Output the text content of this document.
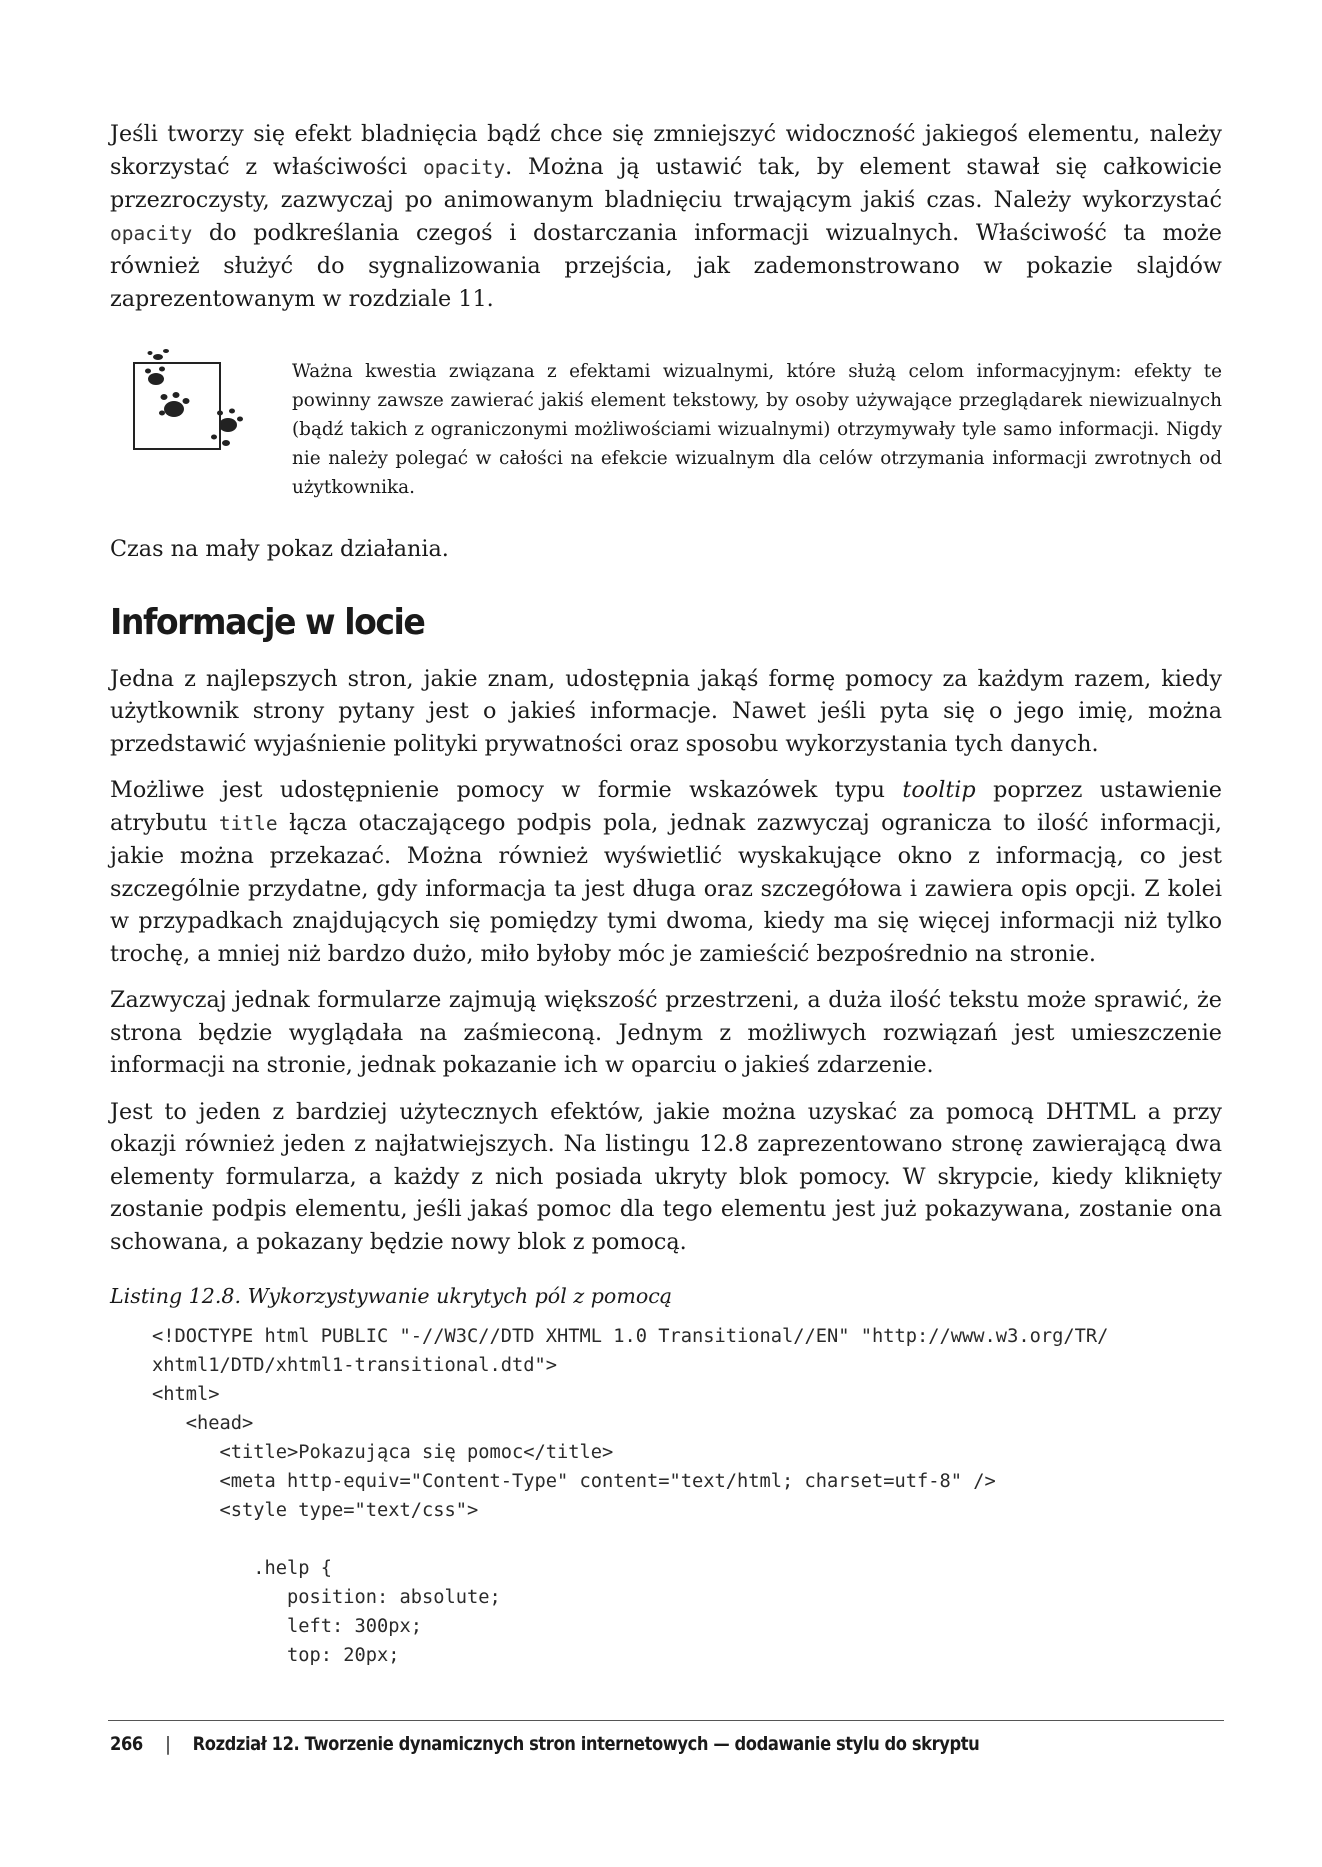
Jeśli tworzy się efekt bladnięcia bądź chce się zmniejszyć widoczność jakiegoś elementu, należy skorzystać z właściwości opacity. Można ją ustawić tak, by element stawał się całkowicie przezroczysty, zazwyczaj po animowanym bladnięciu trwającym jakiś czas. Należy wykorzystać opacity do podkreślania czegoś i dostarczania informacji wizualnych. Właściwość ta może również służyć do sygnalizowania przejścia, jak zademonstrowano w pokazie slajdów zaprezentowanym w rozdziale 11.

Ważna kwestia związana z efektami wizualnymi, które służą celom informacyjnym: efekty te powinny zawsze zawierać jakiś element tekstowy, by osoby używające przeglądarek niewizualnych (bądź takich z ograniczonymi możliwościami wizualnymi) otrzymywały tyle samo informacji. Nigdy nie należy polegać w całości na efekcie wizualnym dla celów otrzymania informacji zwrotnych od użytkownika.

Czas na mały pokaz działania.

Informacje w locie

Jedna z najlepszych stron, jakie znam, udostępnia jakąś formę pomocy za każdym razem, kiedy użytkownik strony pytany jest o jakieś informacje. Nawet jeśli pyta się o jego imię, można przedstawić wyjaśnienie polityki prywatności oraz sposobu wykorzystania tych danych.

Możliwe jest udostępnienie pomocy w formie wskazówek typu tooltip poprzez ustawienie atrybutu title łącza otaczającego podpis pola, jednak zazwyczaj ogranicza to ilość informacji, jakie można przekazać. Można również wyświetlić wyskakujące okno z informacją, co jest szczególnie przydatne, gdy informacja ta jest długa oraz szczegółowa i zawiera opis opcji. Z kolei w przypadkach znajdujących się pomiędzy tymi dwoma, kiedy ma się więcej informacji niż tylko trochę, a mniej niż bardzo dużo, miło byłoby móc je zamieścić bezpośrednio na stronie.

Zazwyczaj jednak formularze zajmują większość przestrzeni, a duża ilość tekstu może sprawić, że strona będzie wyglądała na zaśmieconą. Jednym z możliwych rozwiązań jest umieszczenie informacji na stronie, jednak pokazanie ich w oparciu o jakieś zdarzenie.

Jest to jeden z bardziej użytecznych efektów, jakie można uzyskać za pomocą DHTML a przy okazji również jeden z najłatwiejszych. Na listingu 12.8 zaprezentowano stronę zawierającą dwa elementy formularza, a każdy z nich posiada ukryty blok pomocy. W skrypcie, kiedy kliknięty zostanie podpis elementu, jeśli jakaś pomoc dla tego elementu jest już pokazywana, zostanie ona schowana, a pokazany będzie nowy blok z pomocą.

Listing 12.8. Wykorzystywanie ukrytych pól z pomocą
<!DOCTYPE html PUBLIC "-//W3C//DTD XHTML 1.0 Transitional//EN" "http://www.w3.org/TR/
xhtml1/DTD/xhtml1-transitional.dtd">
<html>
<head>
<title>Pokazująca się pomoc</title>
<meta http-equiv="Content-Type" content="text/html; charset=utf-8" />
<style type="text/css">

.help {
position: absolute;
left: 300px;
top: 20px;
266 | Rozdział 12. Tworzenie dynamicznych stron internetowych — dodawanie stylu do skryptu
